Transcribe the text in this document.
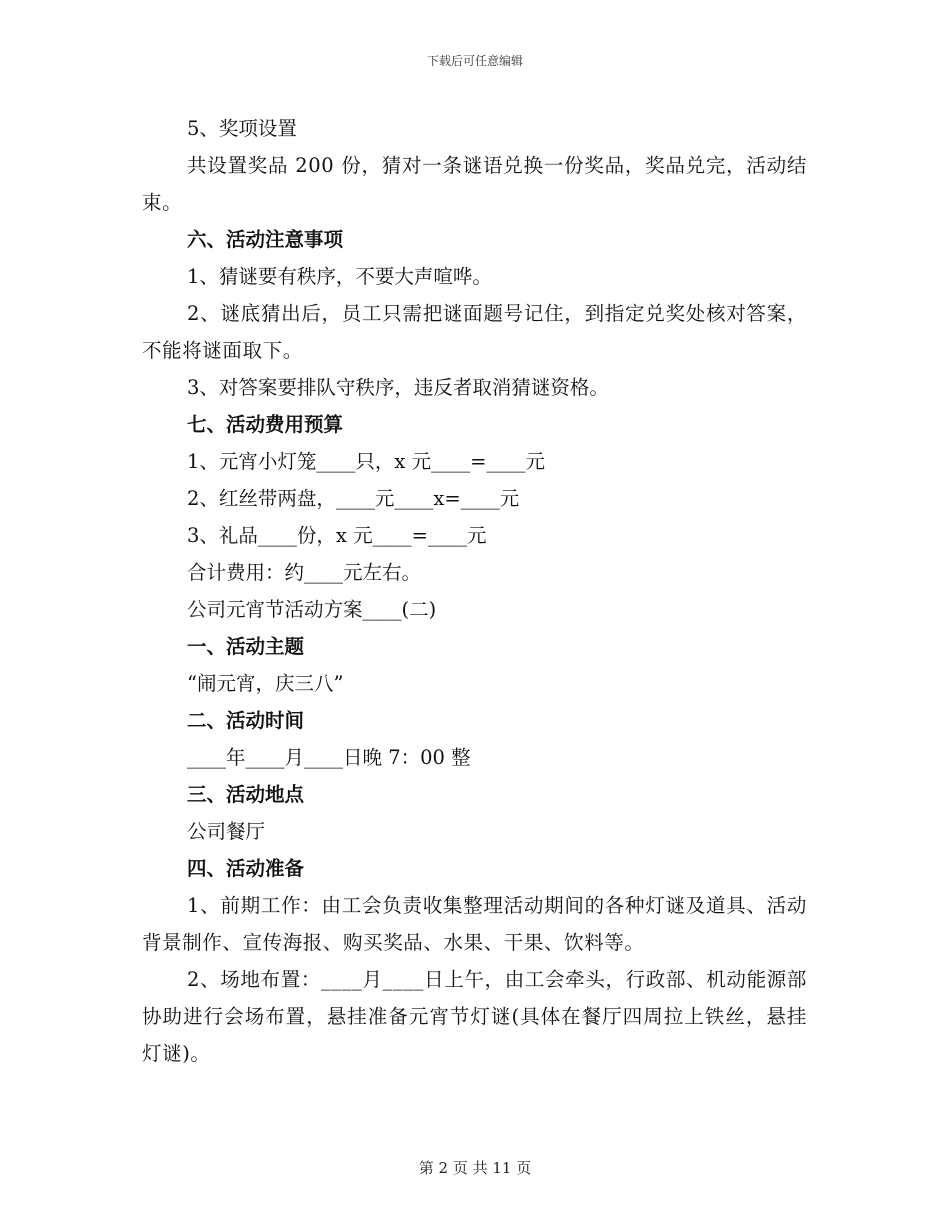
下载后可任意编辑
5、奖项设置
共设置奖品 200 份，猜对一条谜语兑换一份奖品，奖品兑完，活动结束。
六、活动注意事项
1、猜谜要有秩序，不要大声喧哗。
2、谜底猜出后，员工只需把谜面题号记住，到指定兑奖处核对答案，不能将谜面取下。
3、对答案要排队守秩序，违反者取消猜谜资格。
七、活动费用预算
1、元宵小灯笼____只，x 元____=____元
2、红丝带两盘，____元____x=____元
3、礼品____份，x 元____=____元
合计费用：约____元左右。
公司元宵节活动方案____(二)
一、活动主题
“闹元宵，庆三八”
二、活动时间
____年____月____日晚 7：00 整
三、活动地点
公司餐厅
四、活动准备
1、前期工作：由工会负责收集整理活动期间的各种灯谜及道具、活动背景制作、宣传海报、购买奖品、水果、干果、饮料等。
2、场地布置：____月____日上午，由工会牵头，行政部、机动能源部协助进行会场布置，悬挂准备元宵节灯谜(具体在餐厅四周拉上铁丝，悬挂灯谜)。
第 2 页 共 11 页
